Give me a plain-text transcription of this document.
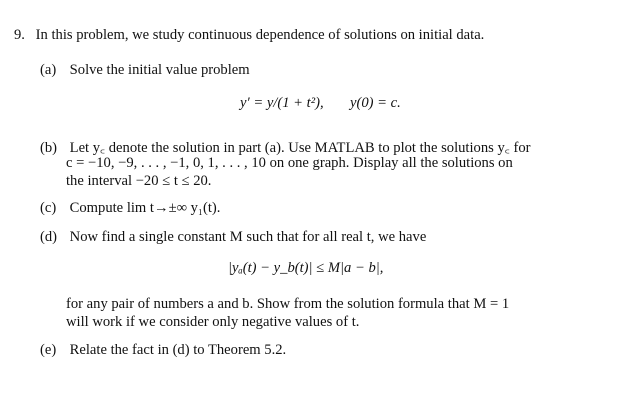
9. In this problem, we study continuous dependence of solutions on initial data.
(a) Solve the initial value problem
y′ = y/(1 + t²), y(0) = c.
(b) Let y꜀ denote the solution in part (a). Use MATLAB to plot the solutions y꜀ for
c = −10, −9, . . . , −1, 0, 1, . . . , 10 on one graph. Display all the solutions on
the interval −20 ≤ t ≤ 20.
(c) Compute lim t→±∞ y₁(t).
(d) Now find a single constant M such that for all real t, we have
|yₐ(t) − y_b(t)| ≤ M|a − b|,
for any pair of numbers a and b. Show from the solution formula that M = 1
will work if we consider only negative values of t.
(e) Relate the fact in (d) to Theorem 5.2.
